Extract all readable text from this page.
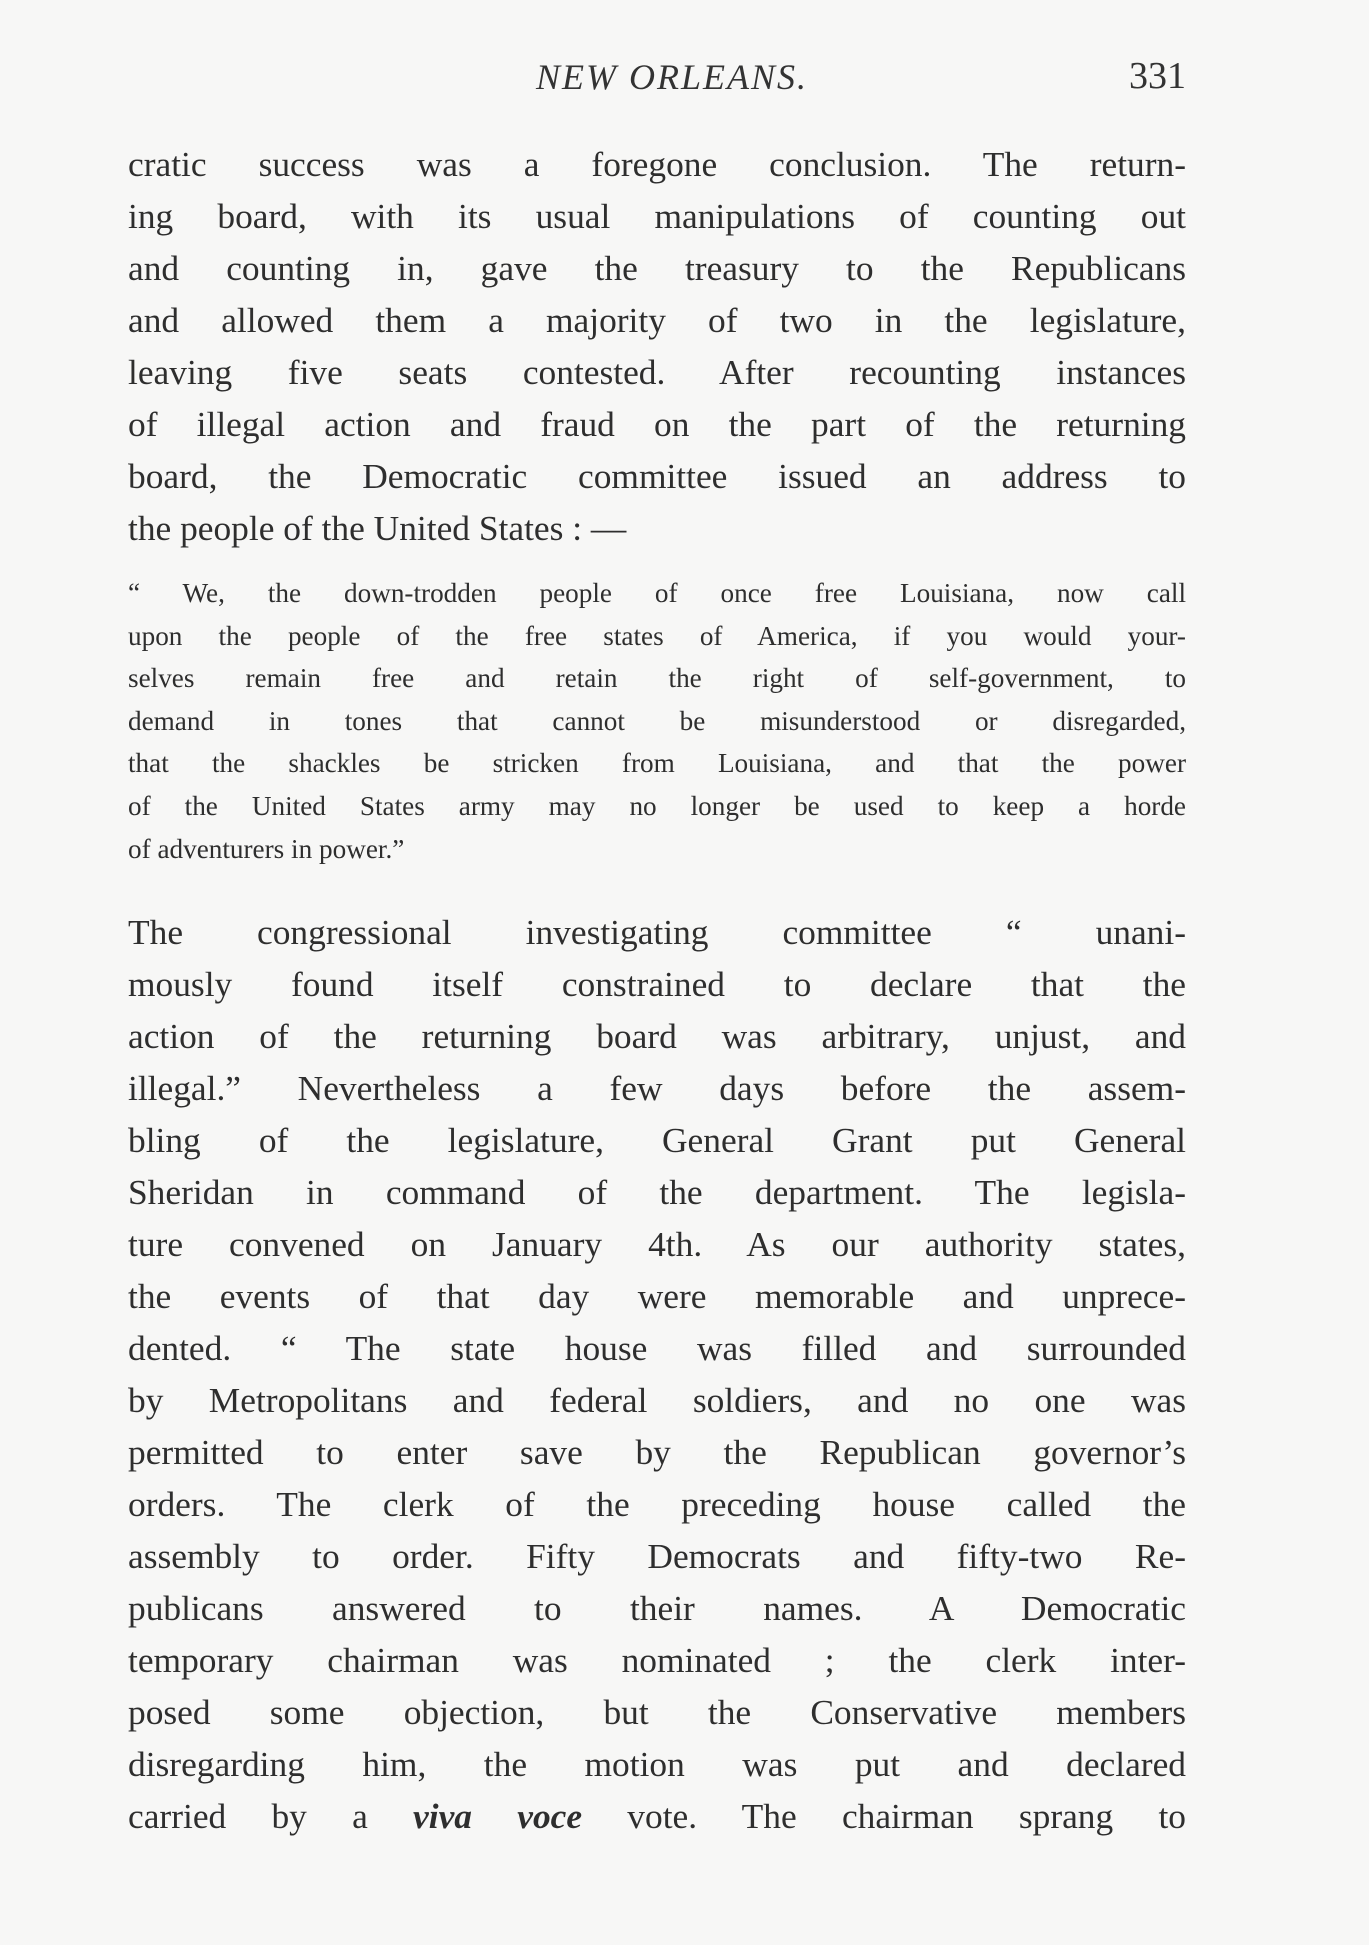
NEW ORLEANS.	331
cratic success was a foregone conclusion. The return-
ing board, with its usual manipulations of counting out
and counting in, gave the treasury to the Republicans
and allowed them a majority of two in the legislature,
leaving five seats contested. After recounting instances
of illegal action and fraud on the part of the returning
board, the Democratic committee issued an address to
the people of the United States : —
“ We, the down-trodden people of once free Louisiana, now call
upon the people of the free states of America, if you would your-
selves remain free and retain the right of self-government, to
demand in tones that cannot be misunderstood or disregarded,
that the shackles be stricken from Louisiana, and that the power
of the United States army may no longer be used to keep a horde
of adventurers in power.”
The congressional investigating committee “ unani-
mously found itself constrained to declare that the
action of the returning board was arbitrary, unjust, and
illegal.” Nevertheless a few days before the assem-
bling of the legislature, General Grant put General
Sheridan in command of the department. The legisla-
ture convened on January 4th. As our authority states,
the events of that day were memorable and unprece-
dented. “ The state house was filled and surrounded
by Metropolitans and federal soldiers, and no one was
permitted to enter save by the Republican governor’s
orders. The clerk of the preceding house called the
assembly to order. Fifty Democrats and fifty-two Re-
publicans answered to their names. A Democratic
temporary chairman was nominated ; the clerk inter-
posed some objection, but the Conservative members
disregarding him, the motion was put and declared
carried by a viva voce vote. The chairman sprang to
